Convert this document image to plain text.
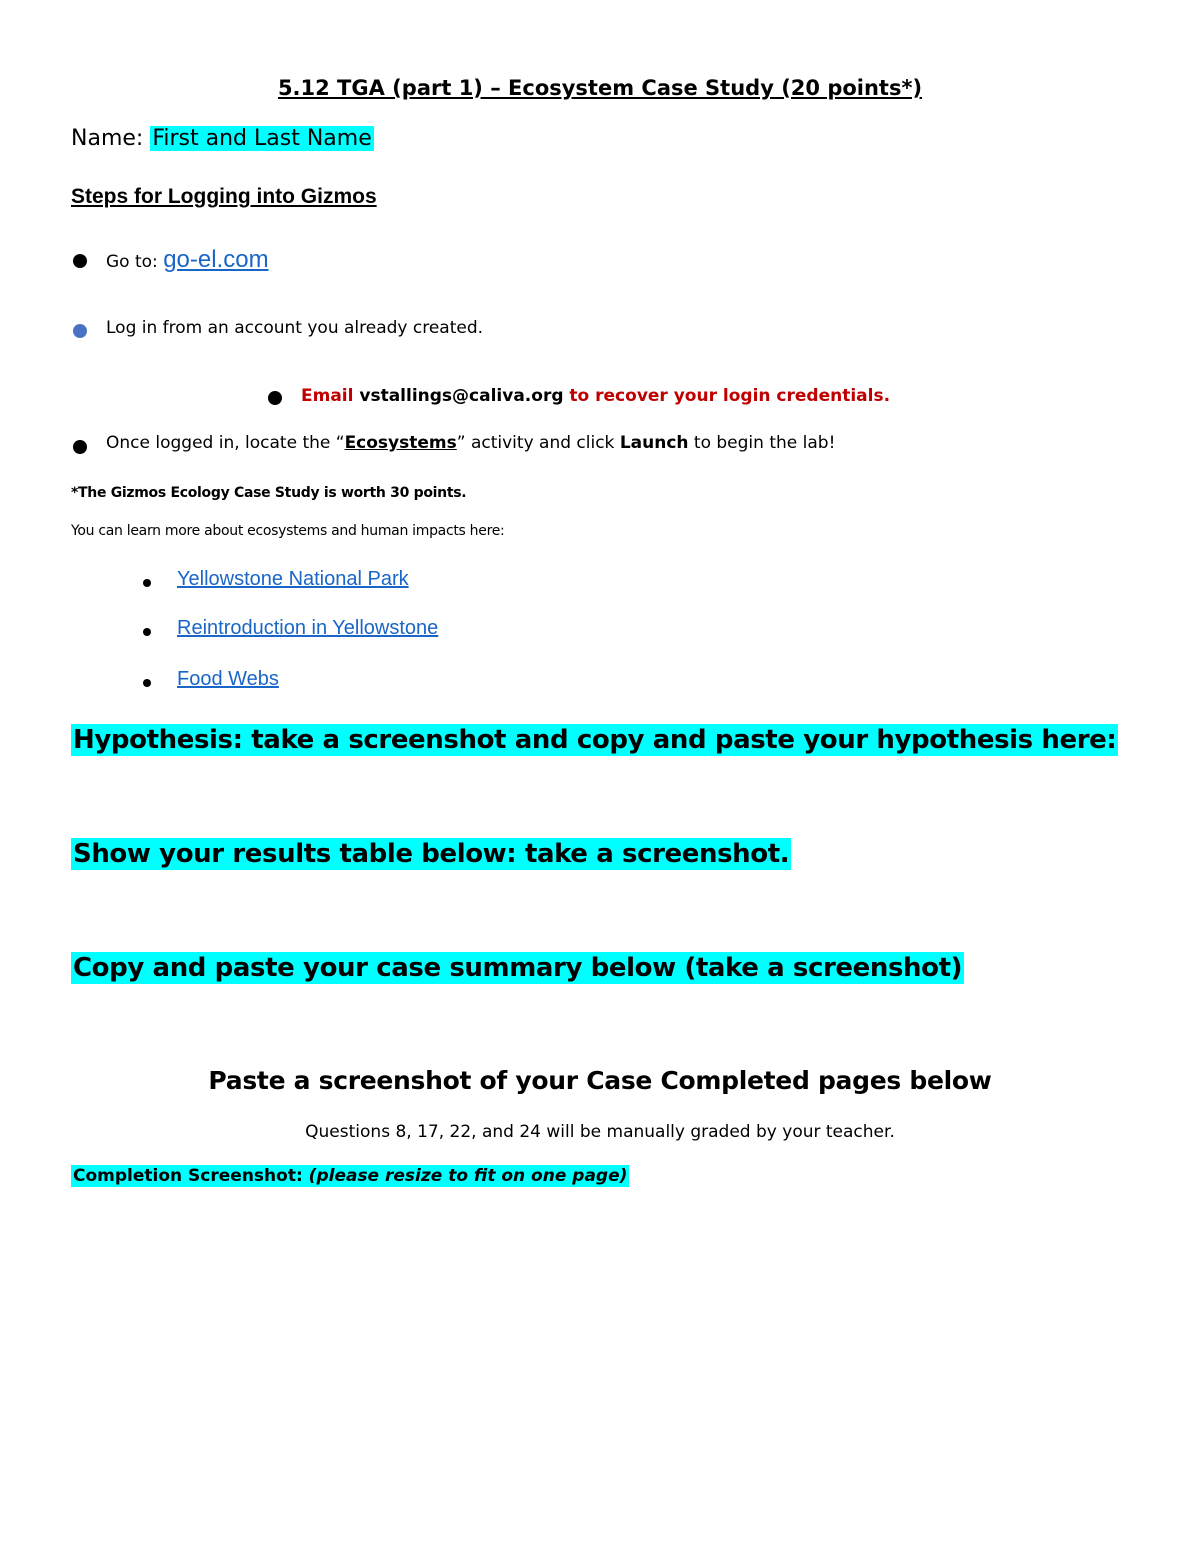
5.12 TGA (part 1) – Ecosystem Case Study (20 points*)
Name: First and Last Name
Steps for Logging into Gizmos
Go to: go-el.com
Log in from an account you already created.
Email vstallings@caliva.org to recover your login credentials.
Once logged in, locate the “Ecosystems” activity and click Launch to begin the lab!
*The Gizmos Ecology Case Study is worth 30 points.
You can learn more about ecosystems and human impacts here:
Yellowstone National Park
Reintroduction in Yellowstone
Food Webs
Hypothesis: take a screenshot and copy and paste your hypothesis here:
Show your results table below: take a screenshot.
Copy and paste your case summary below (take a screenshot)
Paste a screenshot of your Case Completed pages below
Questions 8, 17, 22, and 24 will be manually graded by your teacher.
Completion Screenshot: (please resize to fit on one page)
